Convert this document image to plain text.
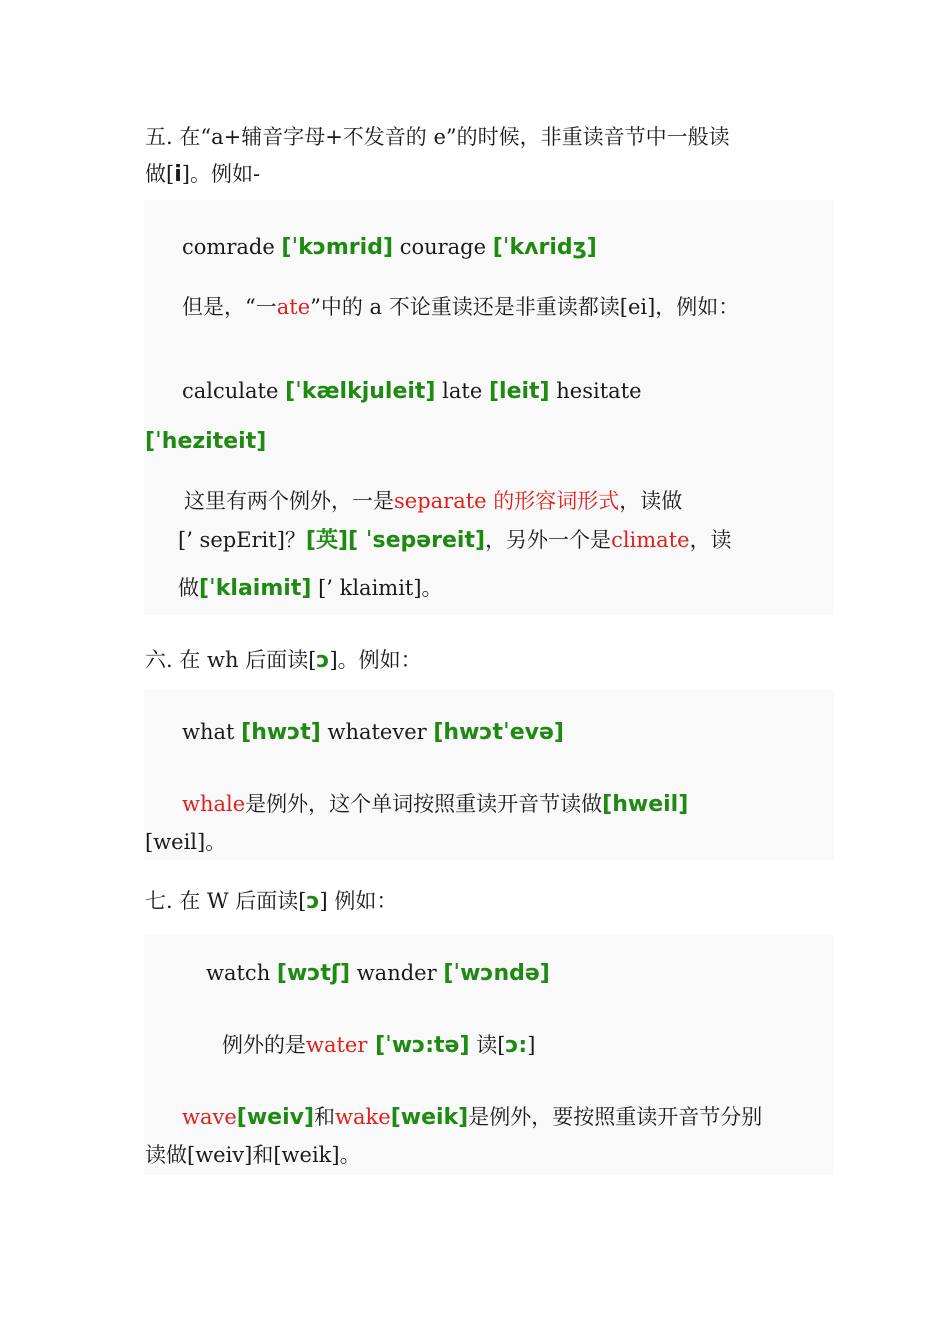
五. 在“a+辅音字母+不发音的 e”的时候，非重读音节中一般读
做[i]。例如-
comrade [ˈkɔmrid] courage [ˈkʌridʒ]
但是，“一ate”中的 a 不论重读还是非重读都读[ei]，例如：
calculate [ˈkælkjuleit] late [leit] hesitate
[ˈheziteit]
这里有两个例外，一是separate 的形容词形式，读做
[’ sepErit]？[英][ ˈsepəreit]，另外一个是climate，读
做[ˈklaimit] [’ klaimit]。
六. 在 wh 后面读[ɔ]。例如：
what [hwɔt] whatever [hwɔtˈevə]
whale是例外，这个单词按照重读开音节读做[hweil]
[weil]。
七. 在 W 后面读[ɔ] 例如：
watch [wɔtʃ] wander [ˈwɔndə]
例外的是water [ˈwɔ:tə] 读[ɔ:]
wave[weiv]和wake[weik]是例外，要按照重读开音节分别
读做[weiv]和[weik]。
